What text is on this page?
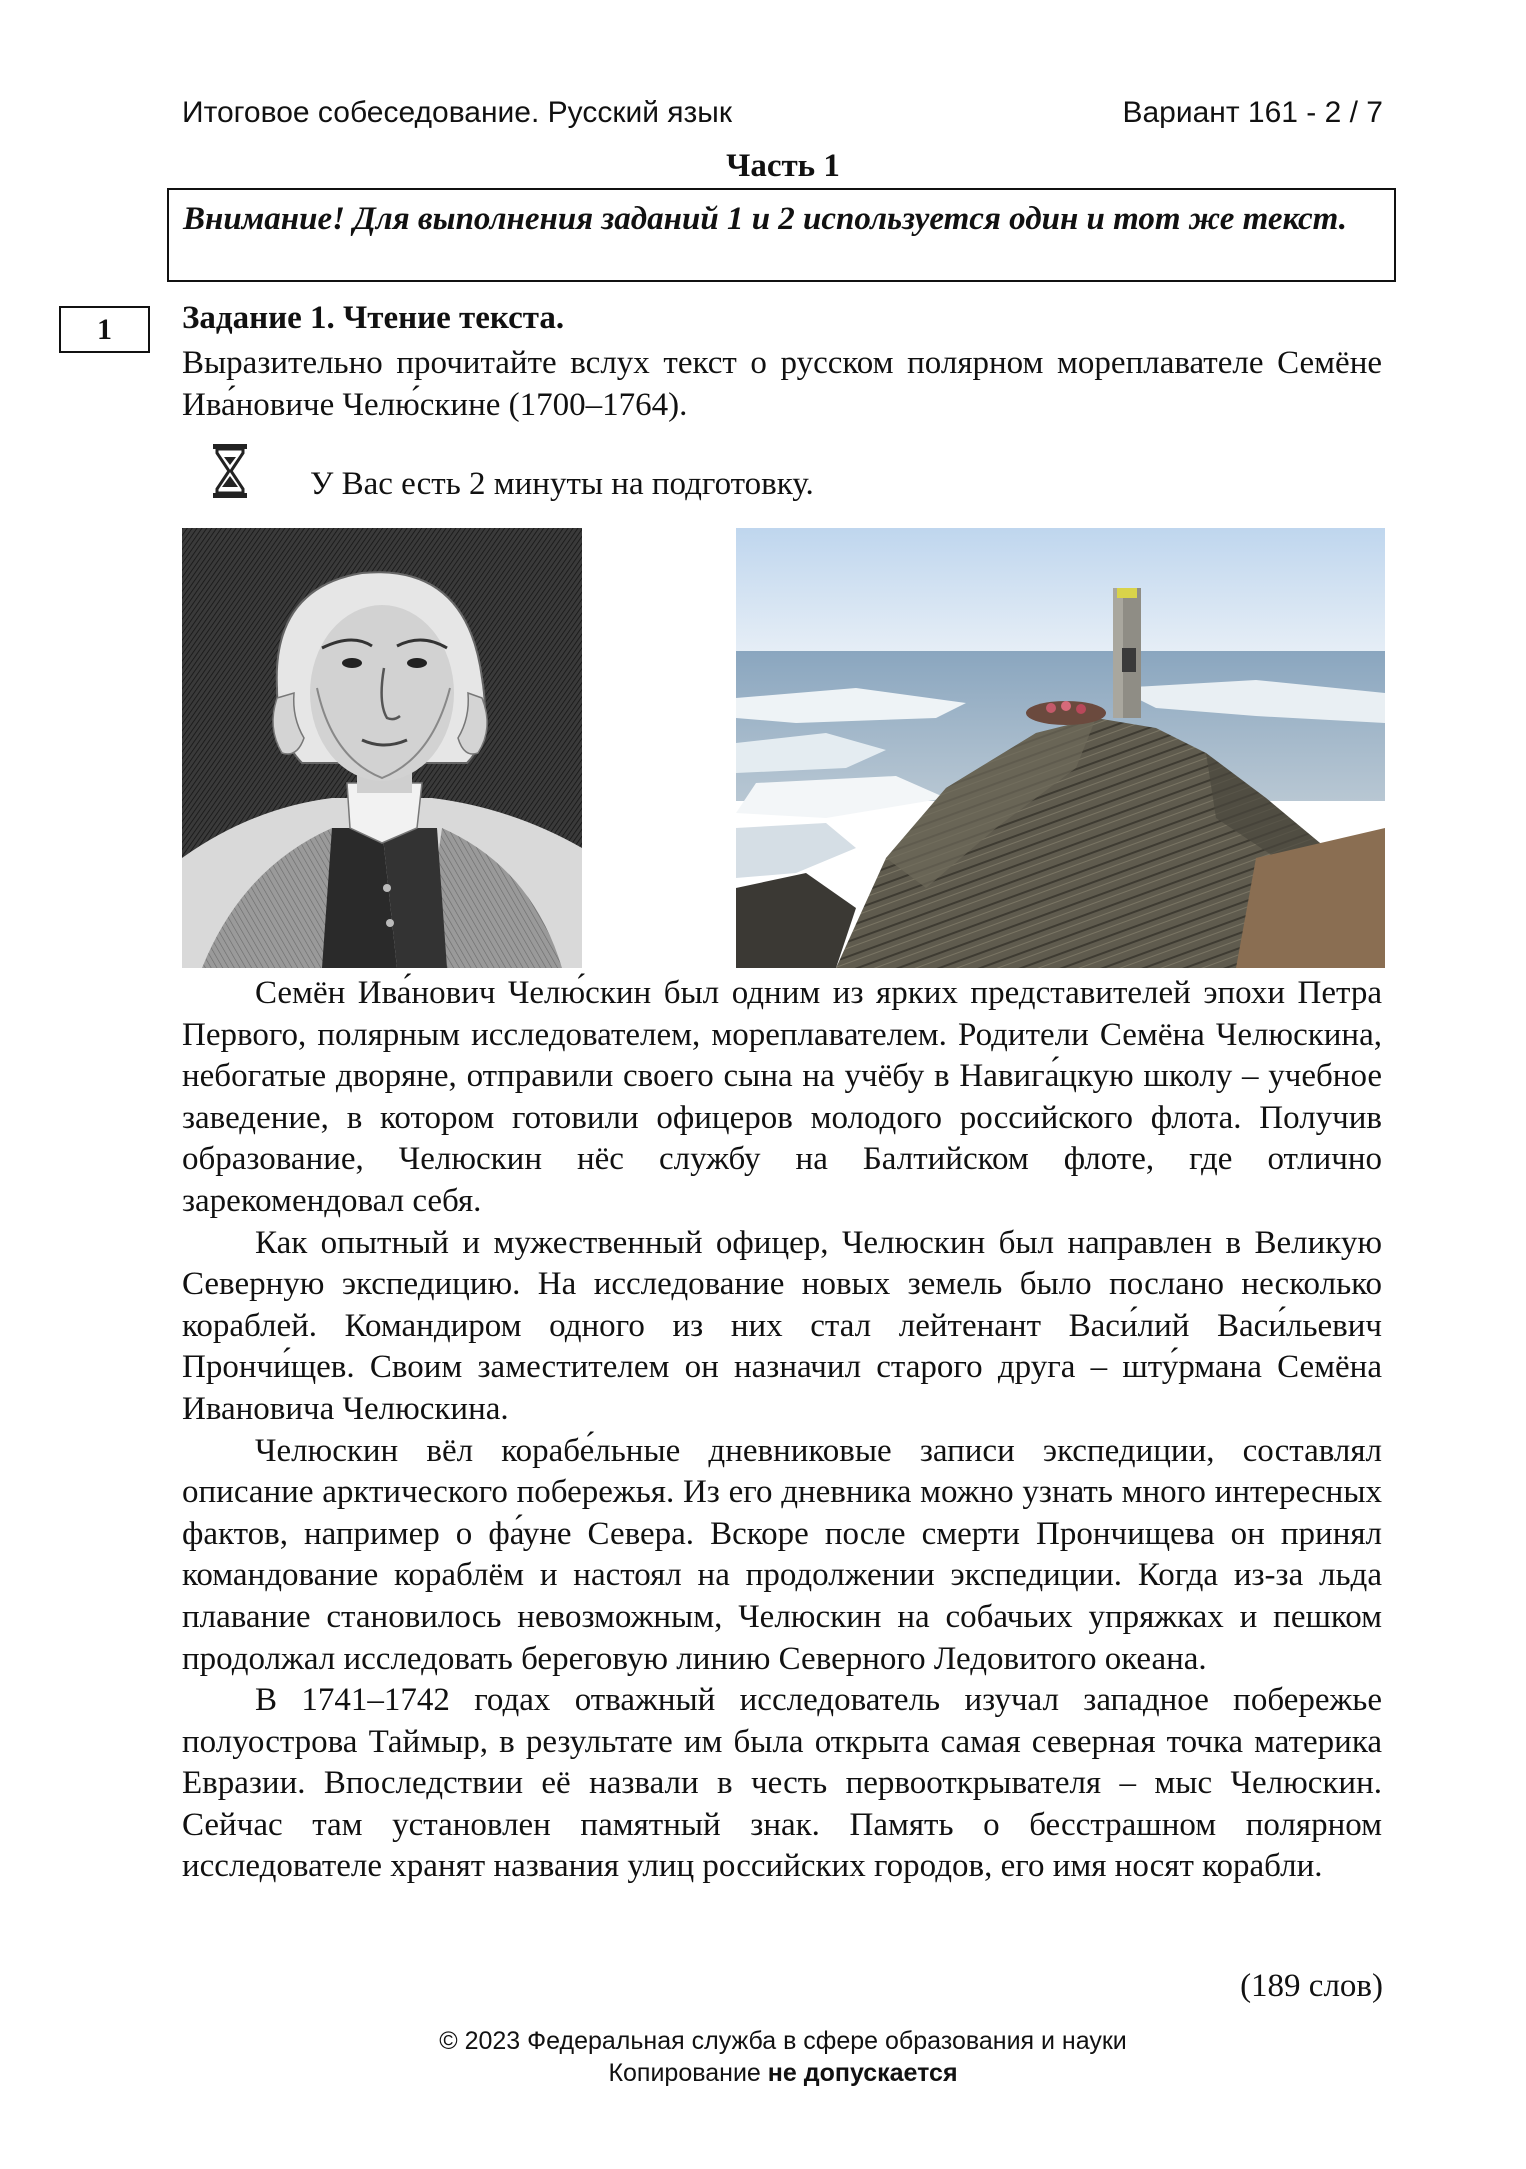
Итоговое собеседование. Русский язык	Вариант 161 - 2 / 7
Часть 1
Внимание! Для выполнения заданий 1 и 2 используется один и тот же текст.
1	Задание 1. Чтение текста.
Выразительно прочитайте вслух текст о русском полярном мореплавателе Семёне Ива́новиче Челю́скине (1700–1764).
У Вас есть 2 минуты на подготовку.

Семён Ива́нович Челю́скин был одним из ярких представителей эпохи Петра Первого, полярным исследователем, мореплавателем. Родители Семёна Челюскина, небогатые дворяне, отправили своего сына на учёбу в Навига́цкую школу – учебное заведение, в котором готовили офицеров молодого российского флота. Получив образование, Челюскин нёс службу на Балтийском флоте, где отлично зарекомендовал себя.

Как опытный и мужественный офицер, Челюскин был направлен в Великую Северную экспедицию. На исследование новых земель было послано несколько кораблей. Командиром одного из них стал лейтенант Васи́лий Васи́льевич Прончи́щев. Своим заместителем он назначил старого друга – шту́рмана Семёна Ивановича Челюскина.

Челюскин вёл корабе́льные дневниковые записи экспедиции, составлял описание арктического побережья. Из его дневника можно узнать много интересных фактов, например о фа́уне Севера. Вскоре после смерти Прончищева он принял командование кораблём и настоял на продолжении экспедиции. Когда из-за льда плавание становилось невозможным, Челюскин на собачьих упряжках и пешком продолжал исследовать береговую линию Северного Ледовитого океана.

В 1741–1742 годах отважный исследователь изучал западное побережье полуострова Таймыр, в результате им была открыта самая северная точка материка Евразии. Впоследствии её назвали в честь первооткрывателя – мыс Челюскин. Сейчас там установлен памятный знак. Память о бесстрашном полярном исследователе хранят названия улиц российских городов, его имя носят корабли.

(189 слов)
© 2023 Федеральная служба в сфере образования и науки
Копирование не допускается
